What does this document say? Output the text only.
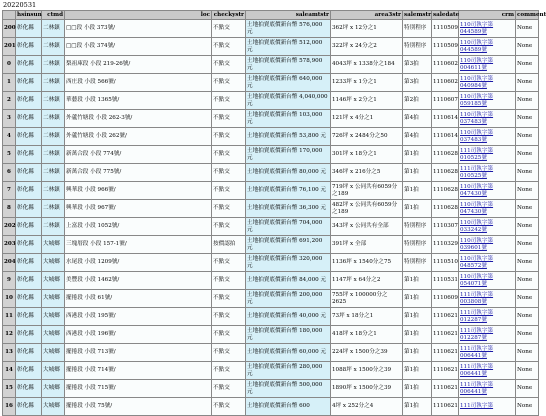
20220531
	hsinsun	ctmd	loc	checkystr	saleamtstr	area3str	salemstr	saledate	crm	comment
200	彰化縣	二林鎮	□□段 小段 373號/	不點交	土地拍賣底價新台幣 576,000 元	362坪 x 12分之1	特別程序	1110509	110司執字第044589號	None
201	彰化縣	二林鎮	□□段 小段 374號/	不點交	土地拍賣底價新台幣 512,000 元	322坪 x 24分之2	特別程序	1110509	110司執字第044589號	None
0	彰化縣	二林鎮	梨祖庫段 小段 219-26號/	不點交	土地拍賣底價新台幣 578,900 元	4043坪 x 1338分之184	第3拍	1110602	110司執字第004611號	None
1	彰化縣	二林鎮	西庄段 小段 566號/	不點交	土地拍賣底價新台幣 640,000 元	1233坪 x 1分之1	第3拍	1110602	110司執字第040984號	None
2	彰化縣	二林鎮	華藝段 小段 1365號/	不點交	土地拍賣底價新台幣 4,040,000 元	1146坪 x 2分之1	第2拍	1110607	110司執字第059185號	None
3	彰化縣	二林鎮	外蘆竹塘段 小段 262-3號/	不點交	土地拍賣底價新台幣 103,000 元	121坪 x 4分之1	第4拍	1110614	110司執字第037483號	None
4	彰化縣	二林鎮	外蘆竹塘段 小段 262號/	不點交	土地拍賣底價新台幣 53,800 元	726坪 x 2484分之50	第4拍	1110614	110司執字第037483號	None
5	彰化縣	二林鎮	新萬合段 小段 774號/	不點交	土地拍賣底價新台幣 170,000 元	301坪 x 18分之1	第1拍	1110628	111司執字第010525號	None
6	彰化縣	二林鎮	新萬合段 小段 775號/	不點交	土地拍賣底價新台幣 80,000 元	346坪 x 216分之5	第1拍	1110628	111司執字第010525號	None
7	彰化縣	二林鎮	興華段 小段 966號/	不點交	土地拍賣底價新台幣 76,100 元	719坪 x 公同共有6059分之189	第1拍	1110628	110司執字第047430號	None
8	彰化縣	二林鎮	興華段 小段 967號/	不點交	土地拍賣底價新台幣 36,300 元	482坪 x 公同共有6059分之189	第1拍	1110628	110司執字第047430號	None
202	彰化縣	二林鎮	上富段 小段 1052號/	不點交	土地拍賣底價新台幣 704,000 元	343坪 x 公同共有全部	特別程序	1110307	110司執字第033242號	None
203	彰化縣	大城鄉	三塊厝段 小段 157-1號/	按價認拍	土地拍賣底價新台幣 691,200 元	391坪 x 全部	特別程序	1110329	110司執字第039601號	None
204	彰化縣	大城鄉	水尾段 小段 1209號/	不點交	土地拍賣底價新台幣 320,000 元	1136坪 x 1540分之75	特別程序	1110510	110司執字第048572號	None
9	彰化縣	大城鄉	美豐段 小段 1462號/	不點交	土地拍賣底價新台幣 84,000 元	1147坪 x 64分之2	第1拍	1110531	110司執字第054071號	None
10	彰化縣	大城鄉	擺捲段 小段 61號/	不點交	土地拍賣底價新台幣 200,000 元	755坪 x 100000分之2625	第1拍	1110609	111司執字第003808號	None
11	彰化縣	大城鄉	西港段 小段 195號/	不點交	土地拍賣底價新台幣 40,000 元	73坪 x 18分之1	第1拍	1110621	111司執字第012287號	None
12	彰化縣	大城鄉	西港段 小段 196號/	不點交	土地拍賣底價新台幣 180,000 元	418坪 x 18分之1	第1拍	1110621	111司執字第012287號	None
13	彰化縣	大城鄉	擺捲段 小段 713號/	不點交	土地拍賣底價新台幣 60,000 元	224坪 x 1500分之39	第1拍	1110621	111司執字第006441號	None
14	彰化縣	大城鄉	擺捲段 小段 714號/	不點交	土地拍賣底價新台幣 280,000 元	1088坪 x 1500分之39	第1拍	1110621	111司執字第006441號	None
15	彰化縣	大城鄉	擺捲段 小段 715號/	不點交	土地拍賣底價新台幣 500,000 元	1890坪 x 1500分之39	第1拍	1110621	111司執字第006441號	None
16	彰化縣	大城鄉	擺捲段 小段 75號/	不點交	土地拍賣底價新台幣 600	4坪 x 252分之4	第1拍	1110621	111司執字第	None
